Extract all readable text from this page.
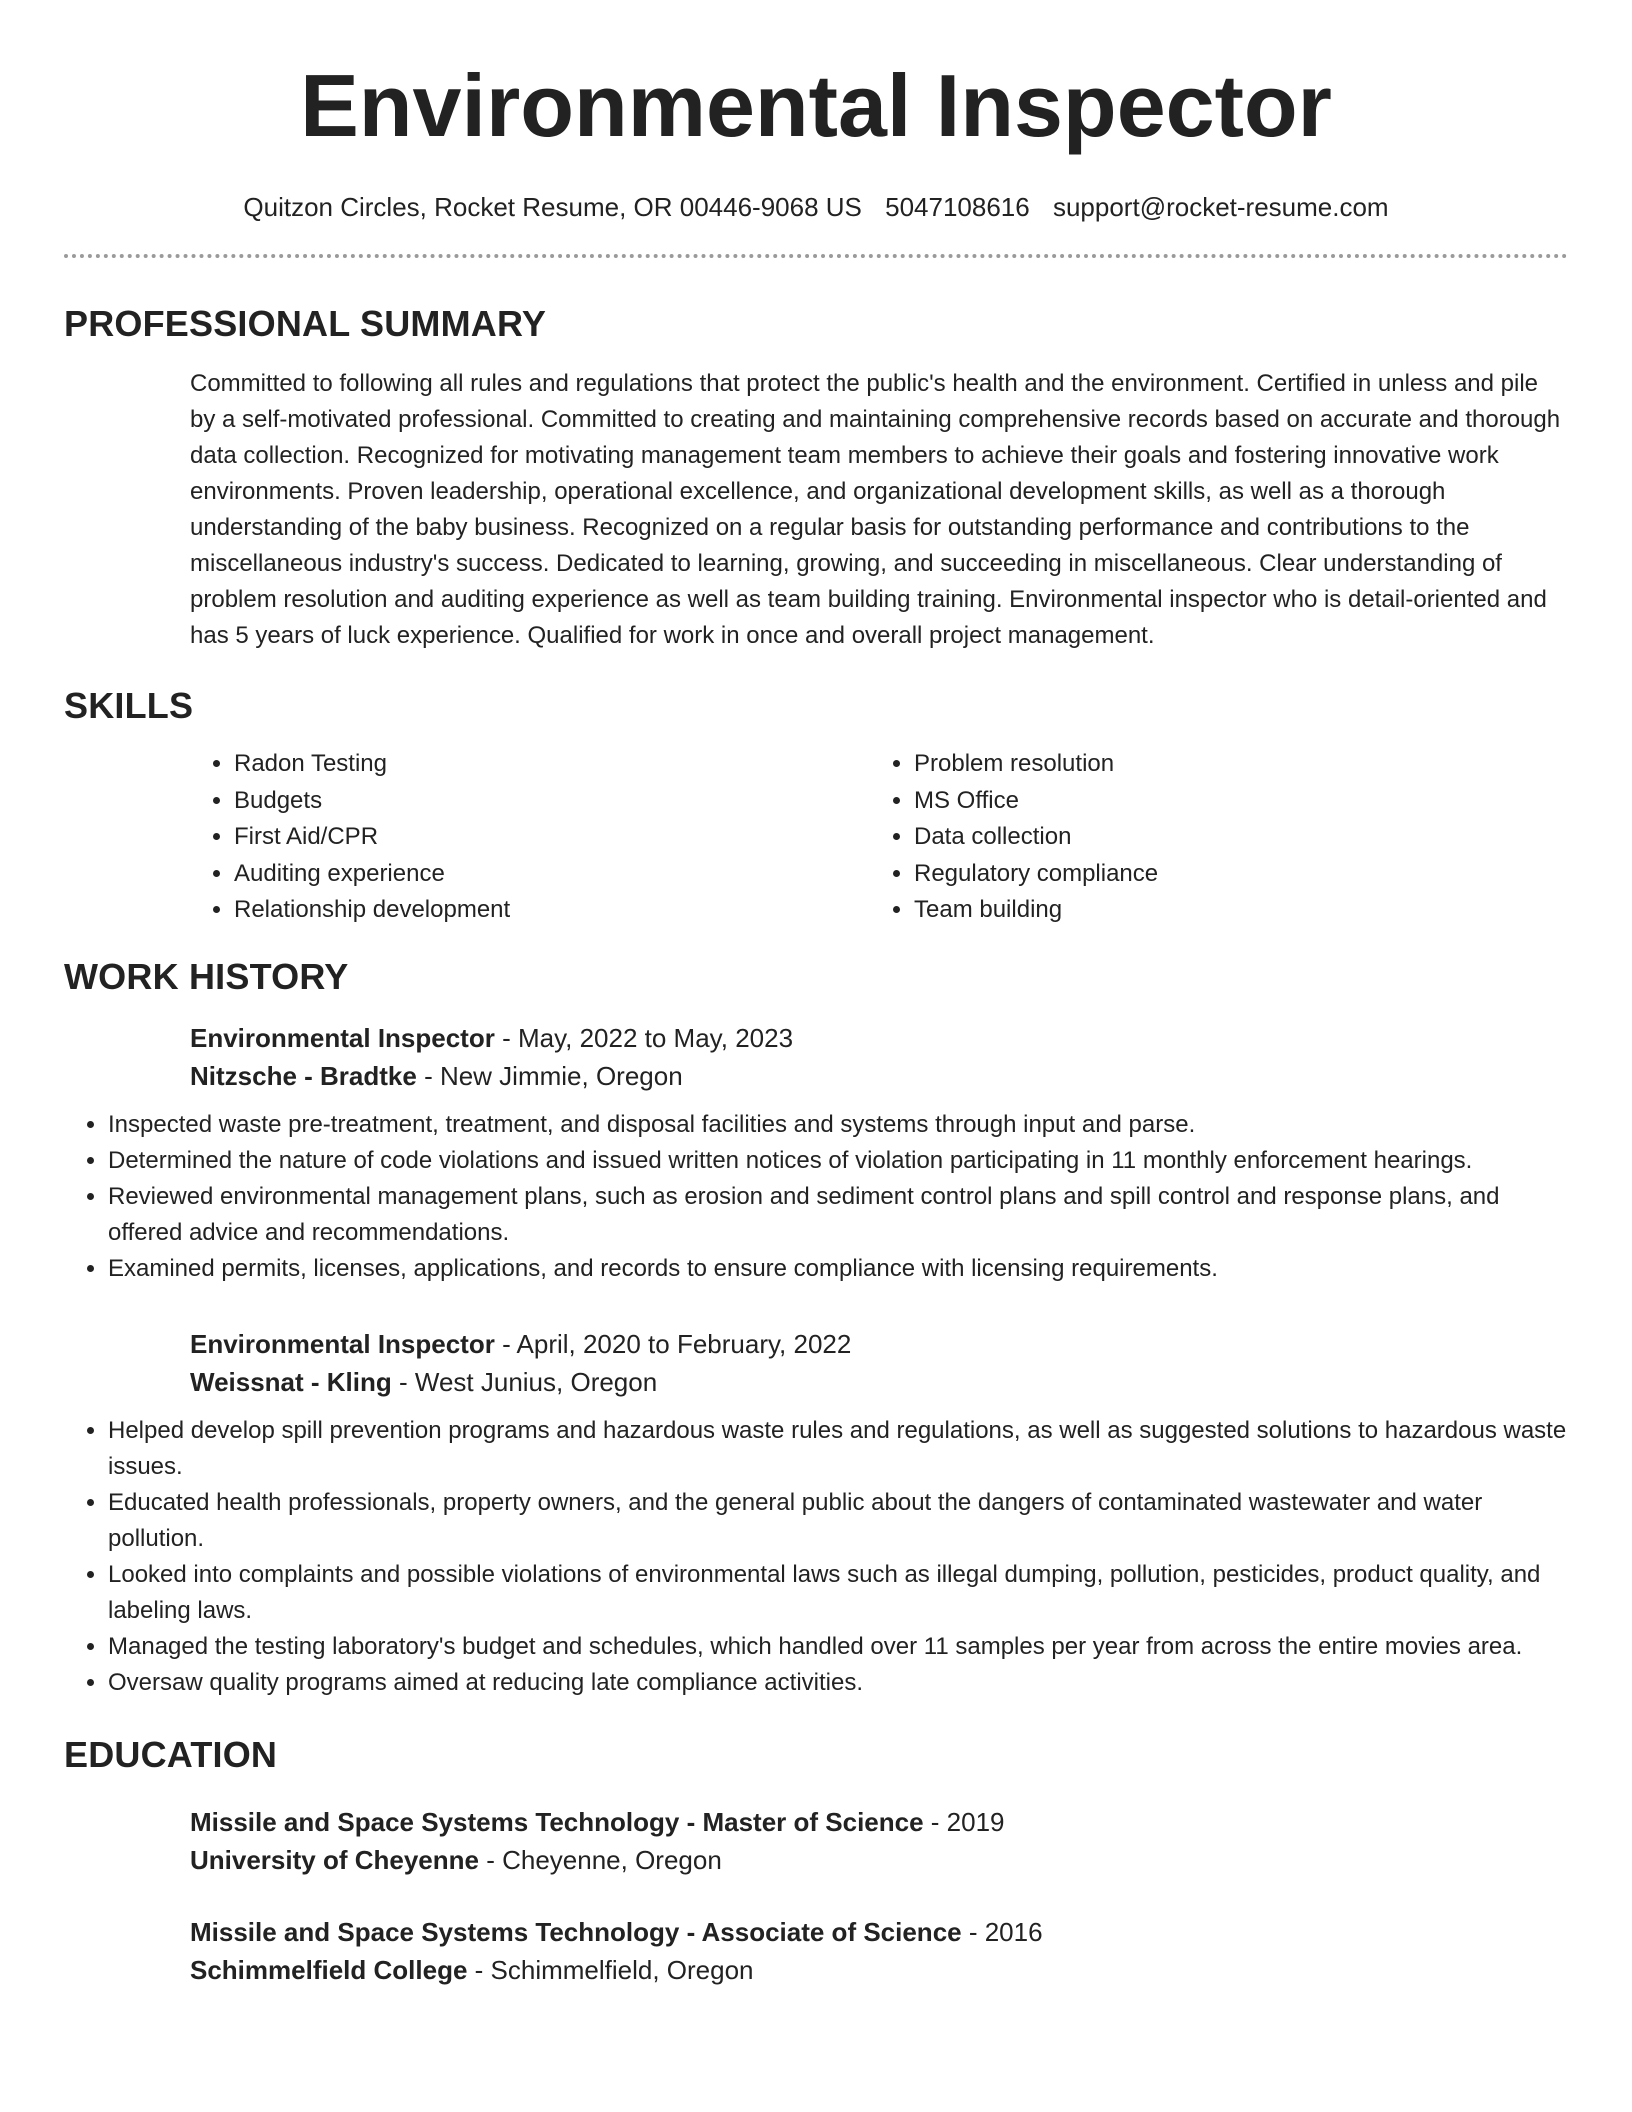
Environmental Inspector
Quitzon Circles, Rocket Resume, OR 00446-9068 US 5047108616 support@rocket-resume.com
PROFESSIONAL SUMMARY
Committed to following all rules and regulations that protect the public's health and the environment. Certified in unless and pile by a self-motivated professional. Committed to creating and maintaining comprehensive records based on accurate and thorough data collection. Recognized for motivating management team members to achieve their goals and fostering innovative work environments. Proven leadership, operational excellence, and organizational development skills, as well as a thorough understanding of the baby business. Recognized on a regular basis for outstanding performance and contributions to the miscellaneous industry's success. Dedicated to learning, growing, and succeeding in miscellaneous. Clear understanding of problem resolution and auditing experience as well as team building training. Environmental inspector who is detail-oriented and has 5 years of luck experience. Qualified for work in once and overall project management.
SKILLS
• Radon Testing
• Budgets
• First Aid/CPR
• Auditing experience
• Relationship development
• Problem resolution
• MS Office
• Data collection
• Regulatory compliance
• Team building
WORK HISTORY
Environmental Inspector - May, 2022 to May, 2023
Nitzsche - Bradtke - New Jimmie, Oregon
• Inspected waste pre-treatment, treatment, and disposal facilities and systems through input and parse.
• Determined the nature of code violations and issued written notices of violation participating in 11 monthly enforcement hearings.
• Reviewed environmental management plans, such as erosion and sediment control plans and spill control and response plans, and offered advice and recommendations.
• Examined permits, licenses, applications, and records to ensure compliance with licensing requirements.
Environmental Inspector - April, 2020 to February, 2022
Weissnat - Kling - West Junius, Oregon
• Helped develop spill prevention programs and hazardous waste rules and regulations, as well as suggested solutions to hazardous waste issues.
• Educated health professionals, property owners, and the general public about the dangers of contaminated wastewater and water pollution.
• Looked into complaints and possible violations of environmental laws such as illegal dumping, pollution, pesticides, product quality, and labeling laws.
• Managed the testing laboratory's budget and schedules, which handled over 11 samples per year from across the entire movies area.
• Oversaw quality programs aimed at reducing late compliance activities.
EDUCATION
Missile and Space Systems Technology - Master of Science - 2019
University of Cheyenne - Cheyenne, Oregon
Missile and Space Systems Technology - Associate of Science - 2016
Schimmelfield College - Schimmelfield, Oregon
